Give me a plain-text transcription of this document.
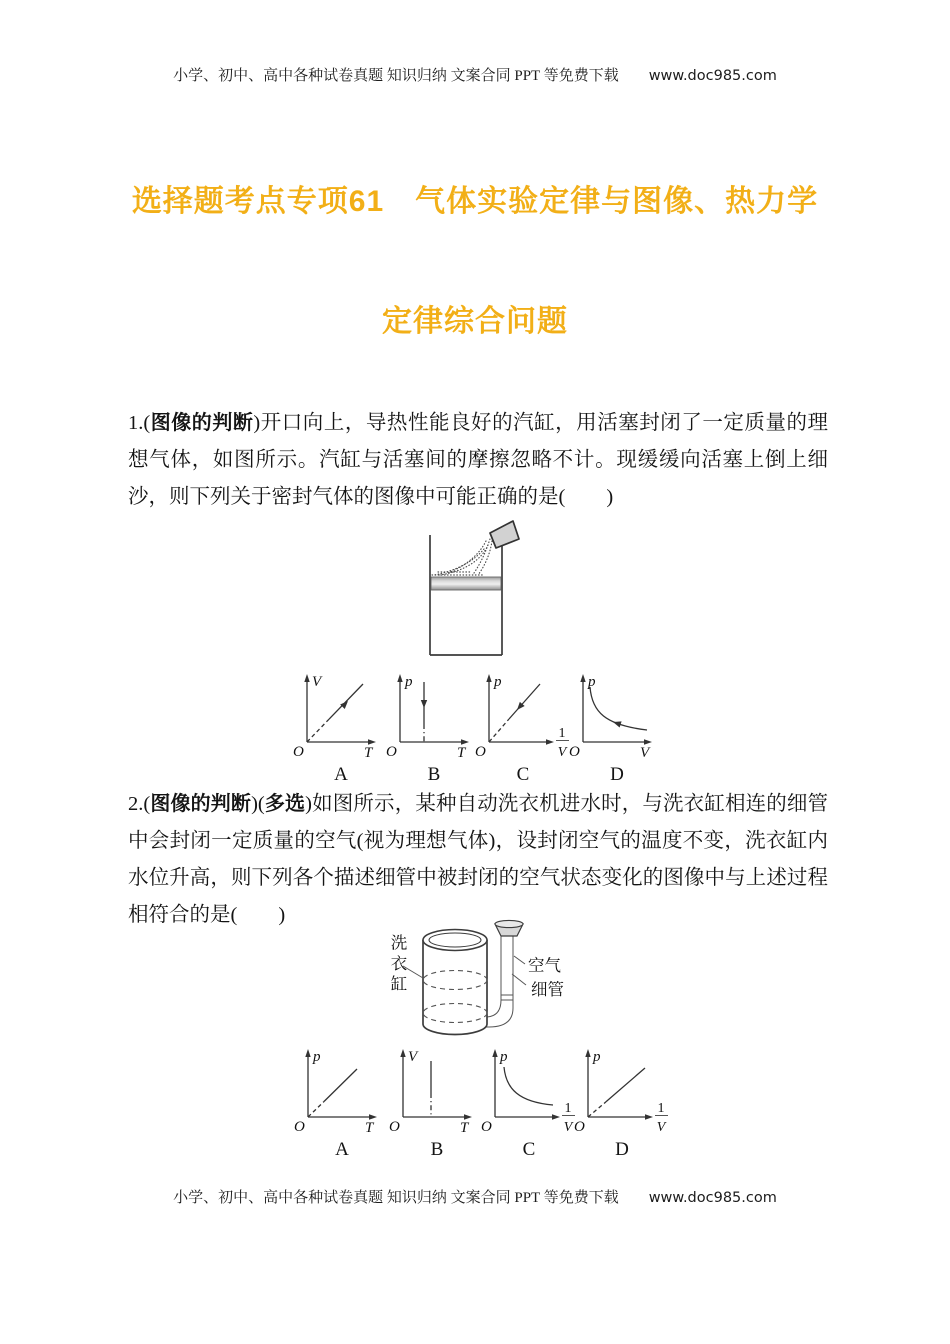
小学、初中、高中各种试卷真题 知识归纳 文案合同 PPT 等免费下载 www.doc985.com
选择题考点专项61　气体实验定律与图像、热力学
定律综合问题
1.(图像的判断)开口向上，导热性能良好的汽缸，用活塞封闭了一定质量的理想气体，如图所示。汽缸与活塞间的摩擦忽略不计。现缓缓向活塞上倒上细沙，则下列关于密封气体的图像中可能正确的是(　　)
O
V
T
A
O
p
T
B
O
p
1
V
C
O
p
V
D
2.(图像的判断)(多选)如图所示，某种自动洗衣机进水时，与洗衣缸相连的细管中会封闭一定质量的空气(视为理想气体)，设封闭空气的温度不变，洗衣缸内水位升高，则下列各个描述细管中被封闭的空气状态变化的图像中与上述过程相符合的是(　　)
洗衣缸	空气
细管
O
p
T
A
O
V
T
B
O
p
1
V
C
O
p
1
V
D
小学、初中、高中各种试卷真题 知识归纳 文案合同 PPT 等免费下载 www.doc985.com
